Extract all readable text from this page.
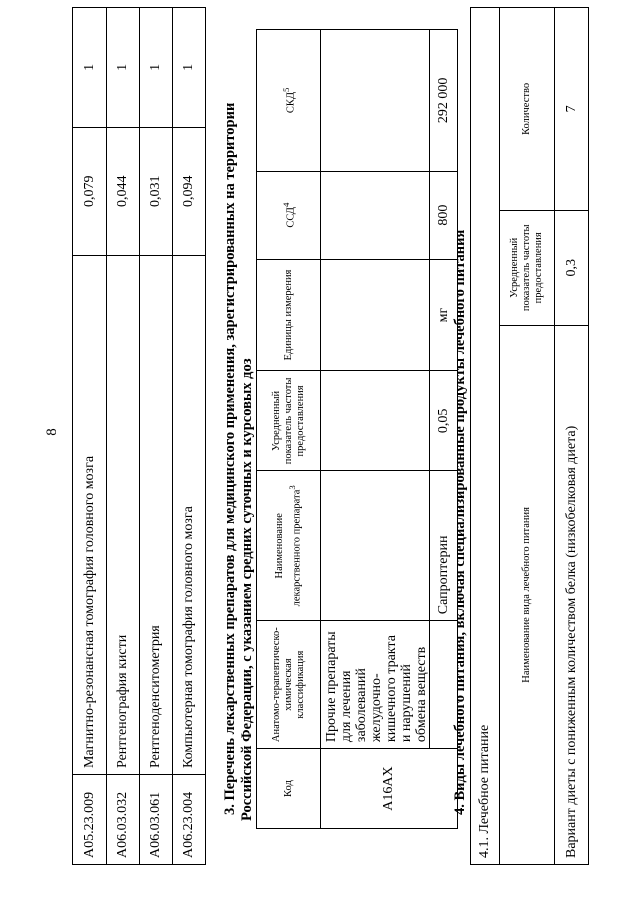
8
A05.23.009	Магнитно-резонансная томография головного мозга	0,079	1
A06.03.032	Рентгенография кисти	0,044	1
A06.03.061	Рентгеноденситометрия	0,031	1
A06.23.004	Компьютерная томография головного мозга	0,094	1
3. Перечень лекарственных препаратов для медицинского применения, зарегистрированных на территории Российской Федерации, с указанием средних суточных и курсовых доз	Код	Анатомо-терапевтическо-химическая классификация	Наименование лекарственного препарата$^3$	Усредненный показатель частоты предоставления	Единицы измерения	ССД$^4$	СКД$^5$
A16AX	Прочие препараты для лечения заболеваний желудочно-кишечного тракта и нарушений обмена веществ					
		Сапроптерин	0,05	мг	800	292 000
4. Виды лечебного питания, включая специализированные продукты лечебного питания 4.1. Лечебное питание		
Наименование вида лечебного питания	Усредненный показатель частоты предоставления	Количество
Вариант диеты с пониженным количеством белка (низкобелковая диета)	0,3	7
